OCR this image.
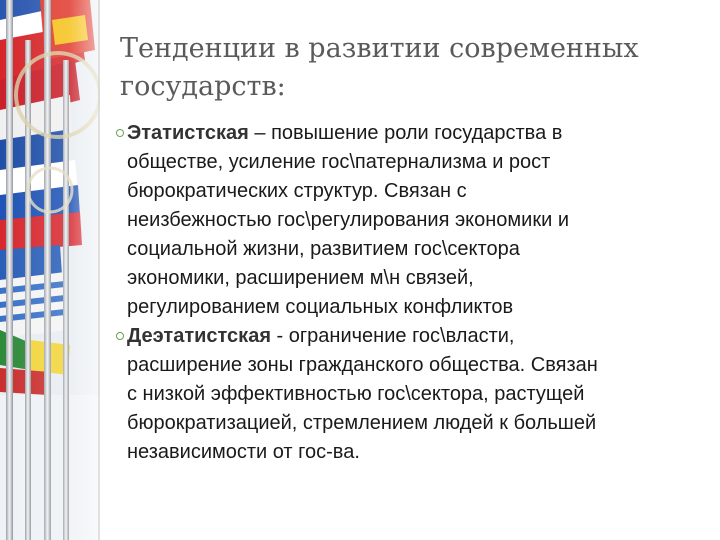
Тенденции в развитии современных
государств:
Этатистская – повышение роли государства в
обществе, усиление гос\патернализма и рост
бюрократических структур. Связан с
неизбежностью гос\регулирования экономики и
социальной жизни, развитием гос\сектора
экономики, расширением м\н связей,
регулированием социальных конфликтов
Деэтатистская - ограничение гос\власти,
расширение зоны гражданского общества. Связан
с низкой эффективностью гос\сектора, растущей
бюрократизацией, стремлением людей к большей
независимости от гос-ва.
